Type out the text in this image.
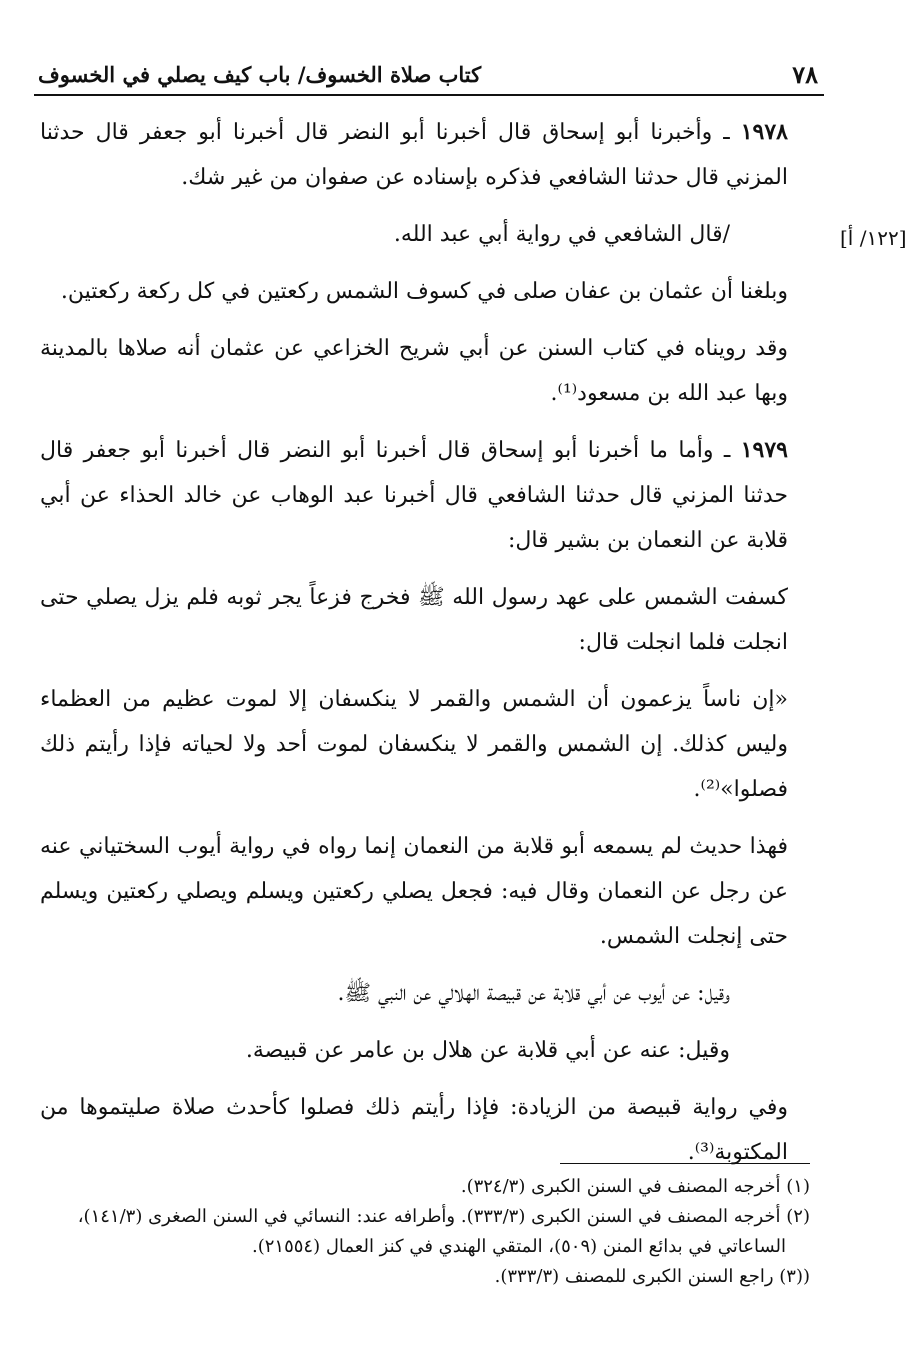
٧٨
كتاب صلاة الخسوف/ باب كيف يصلي في الخسوف
[١٢٢/ أ]

١٩٧٨ ـ وأخبرنا أبو إسحاق قال أخبرنا أبو النضر قال أخبرنا أبو جعفر قال حدثنا المزني قال حدثنا الشافعي فذكره بإسناده عن صفوان من غير شك.

/قال الشافعي في رواية أبي عبد الله.

وبلغنا أن عثمان بن عفان صلى في كسوف الشمس ركعتين في كل ركعة ركعتين.

وقد رويناه في كتاب السنن عن أبي شريح الخزاعي عن عثمان أنه صلاها بالمدينة وبها عبد الله بن مسعود⁽¹⁾.

١٩٧٩ ـ وأما ما أخبرنا أبو إسحاق قال أخبرنا أبو النضر قال أخبرنا أبو جعفر قال حدثنا المزني قال حدثنا الشافعي قال أخبرنا عبد الوهاب عن خالد الحذاء عن أبي قلابة عن النعمان بن بشير قال:

كسفت الشمس على عهد رسول الله ﷺ فخرج فزعاً يجر ثوبه فلم يزل يصلي حتى انجلت فلما انجلت قال:

«إن ناساً يزعمون أن الشمس والقمر لا ينكسفان إلا لموت عظيم من العظماء وليس كذلك. إن الشمس والقمر لا ينكسفان لموت أحد ولا لحياته فإذا رأيتم ذلك فصلوا»⁽²⁾.

فهذا حديث لم يسمعه أبو قلابة من النعمان إنما رواه في رواية أيوب السختياني عنه عن رجل عن النعمان وقال فيه: فجعل يصلي ركعتين ويسلم ويصلي ركعتين ويسلم حتى إنجلت الشمس.

وقيل: عن أيوب عن أبي قلابة عن قبيصة الهلالي عن النبي ﷺ.

وقيل: عنه عن أبي قلابة عن هلال بن عامر عن قبيصة.

وفي رواية قبيصة من الزيادة: فإذا رأيتم ذلك فصلوا كأحدث صلاة صليتموها من المكتوبة⁽³⁾.

(١) أخرجه المصنف في السنن الكبرى (٣٢٤/٣).

(٢) أخرجه المصنف في السنن الكبرى (٣٣٣/٣). وأطرافه عند: النسائي في السنن الصغرى (١٤١/٣)،

الساعاتي في بدائع المنن (٥٠٩)، المتقي الهندي في كنز العمال (٢١٥٥٤).

((٣) راجع السنن الكبرى للمصنف (٣٣٣/٣).
